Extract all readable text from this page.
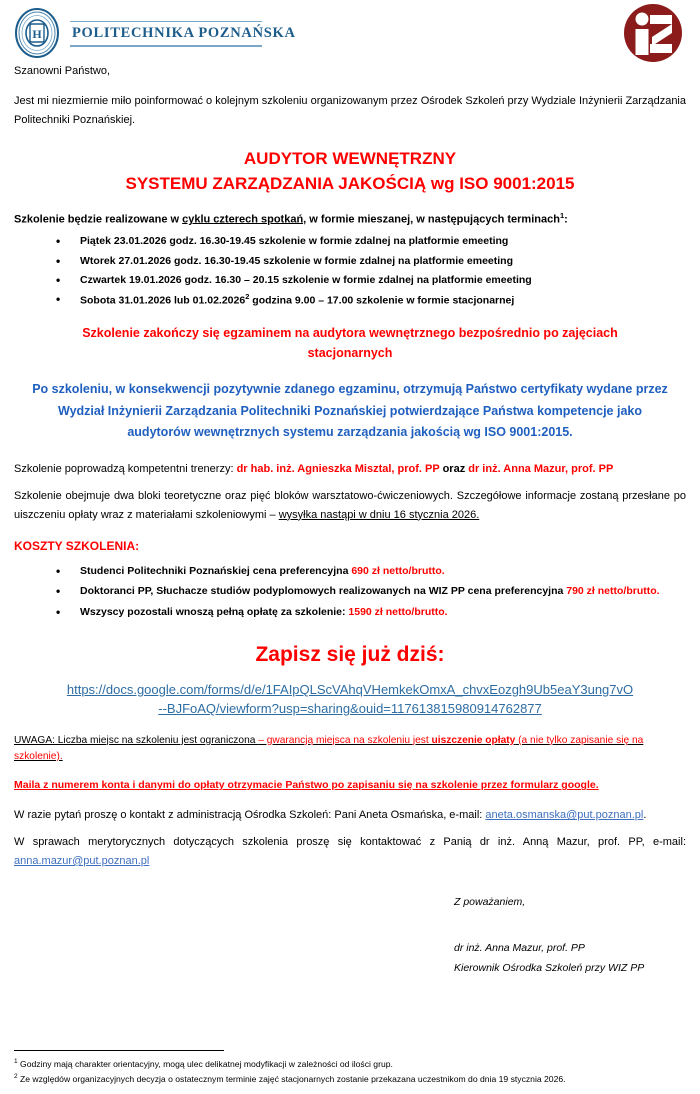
H POLITECHNIKA POZNAŃSKA

Szanowni Państwo,

Jest mi niezmiernie miło poinformować o kolejnym szkoleniu organizowanym przez Ośrodek Szkoleń przy Wydziale Inżynierii Zarządzania Politechniki Poznańskiej.

AUDYTOR WEWNĘTRZNY
SYSTEMU ZARZĄDZANIA JAKOŚCIĄ wg ISO 9001:2015

Szkolenie będzie realizowane w cyklu czterech spotkań, w formie mieszanej, w następujących terminach$^1$:

• Piątek 23.01.2026 godz. 16.30-19.45 szkolenie w formie zdalnej na platformie emeeting
• Wtorek 27.01.2026 godz. 16.30-19.45 szkolenie w formie zdalnej na platformie emeeting
• Czwartek 19.01.2026 godz. 16.30 – 20.15 szkolenie w formie zdalnej na platformie emeeting
• Sobota 31.01.2026 lub 01.02.2026$^2$ godzina 9.00 – 17.00 szkolenie w formie stacjonarnej
Szkolenie zakończy się egzaminem na audytora wewnętrznego bezpośrednio po zajęciach stacjonarnych
Po szkoleniu, w konsekwencji pozytywnie zdanego egzaminu, otrzymują Państwo certyfikaty wydane przez Wydział Inżynierii Zarządzania Politechniki Poznańskiej potwierdzające Państwa kompetencje jako audytorów wewnętrznych systemu zarządzania jakością wg ISO 9001:2015.

Szkolenie poprowadzą kompetentni trenerzy: dr hab. inż. Agnieszka Misztal, prof. PP oraz dr inż. Anna Mazur, prof. PP

Szkolenie obejmuje dwa bloki teoretyczne oraz pięć bloków warsztatowo-ćwiczeniowych. Szczegółowe informacje zostaną przesłane po uiszczeniu opłaty wraz z materiałami szkoleniowymi – wysyłka nastąpi w dniu 16 stycznia 2026.

KOSZTY SZKOLENIA:
• Studenci Politechniki Poznańskiej cena preferencyjna 690 zł netto/brutto.
• Doktoranci PP, Słuchacze studiów podyplomowych realizowanych na WIZ PP cena preferencyjna 790 zł netto/brutto.
• Wszyscy pozostali wnoszą pełną opłatę za szkolenie: 1590 zł netto/brutto.
Zapisz się już dziś:
https://docs.google.com/forms/d/e/1FAIpQLScVAhqVHemkekOmxA_chvxEozgh9Ub5eaY3ung7vO
--BJFoAQ/viewform?usp=sharing&ouid=117613815980914762877

UWAGA: Liczba miejsc na szkoleniu jest ograniczona – gwarancją miejsca na szkoleniu jest uiszczenie opłaty (a nie tylko zapisanie się na szkolenie).

Maila z numerem konta i danymi do opłaty otrzymacie Państwo po zapisaniu się na szkolenie przez formularz google.

W razie pytań proszę o kontakt z administracją Ośrodka Szkoleń: Pani Aneta Osmańska, e-mail: aneta.osmanska@put.poznan.pl.

W sprawach merytorycznych dotyczących szkolenia proszę się kontaktować z Panią dr inż. Anną Mazur, prof. PP, e-mail: anna.mazur@put.poznan.pl

Z poważaniem,
dr inż. Anna Mazur, prof. PP
Kierownik Ośrodka Szkoleń przy WIZ PP

$^1$ Godziny mają charakter orientacyjny, mogą ulec delikatnej modyfikacji w zależności od ilości grup.

$^2$ Ze względów organizacyjnych decyzja o ostatecznym terminie zajęć stacjonarnych zostanie przekazana uczestnikom do dnia 19 stycznia 2026.
